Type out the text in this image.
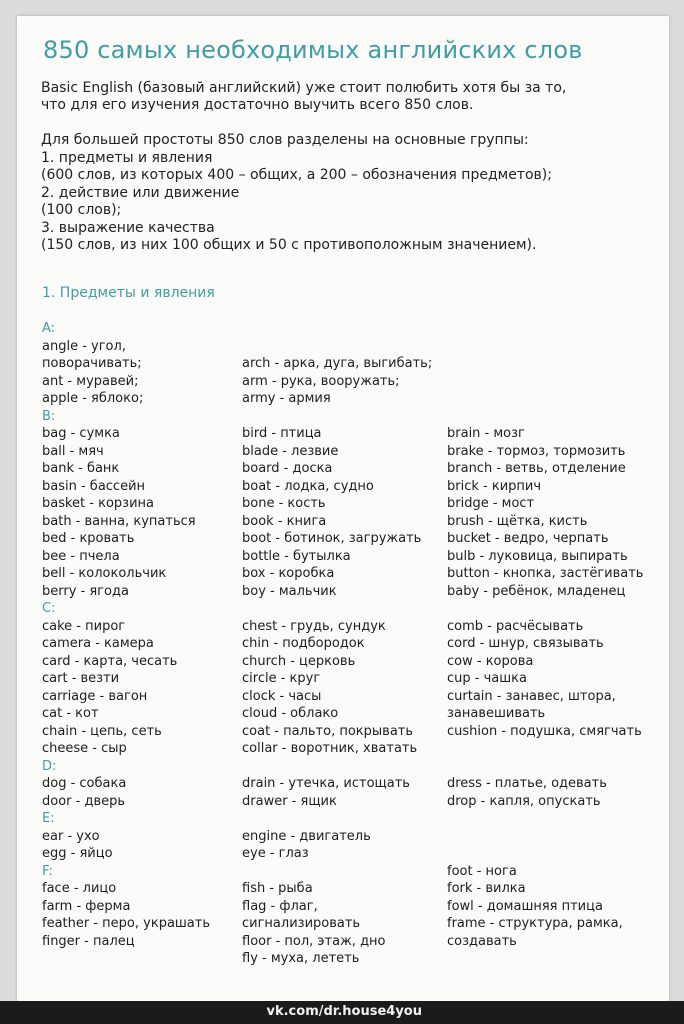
850 самых необходимых английских слов

Basic English (базовый английский) уже стоит полюбить хотя бы за то,

что для его изучения достаточно выучить всего 850 слов.

Для большей простоты 850 слов разделены на основные группы:

1. предметы и явления

(600 слов, из которых 400 – общих, а 200 – обозначения предметов);

2. действие или движение

(100 слов);

3. выражение качества

(150 слов, из них 100 общих и 50 с противоположным значением).

1. Предметы и явления
A:
angle - угол,
поворачивать;
ant - муравей;
apple - яблоко;
B:
bag - сумка
ball - мяч
bank - банк
basin - бассейн
basket - корзина
bath - ванна, купаться
bed - кровать
bee - пчела
bell - колокольчик
berry - ягода
C:
cake - пирог
camera - камера
card - карта, чесать
cart - везти
carriage - вагон
cat - кот
chain - цепь, сеть
cheese - сыр
D:
dog - собака
door - дверь
E:
ear - ухо
egg - яйцо
F:
face - лицо
farm - ферма
feather - перо, украшать
finger - палец
arch - арка, дуга, выгибать;
arm - рука, вооружать;
army - армия
bird - птица
blade - лезвие
board - доска
boat - лодка, судно
bone - кость
book - книга
boot - ботинок, загружать
bottle - бутылка
box - коробка
boy - мальчик
chest - грудь, сундук
chin - подбородок
church - церковь
circle - круг
clock - часы
cloud - облако
coat - пальто, покрывать
collar - воротник, хватать
drain - утечка, истощать
drawer - ящик
engine - двигатель
eye - глаз
fish - рыба
flag - флаг,
сигнализировать
floor - пол, этаж, дно
fly - муха, лететь
brain - мозг
brake - тормоз, тормозить
branch - ветвь, отделение
brick - кирпич
bridge - мост
brush - щётка, кисть
bucket - ведро, черпать
bulb - луковица, выпирать
button - кнопка, застёгивать
baby - ребёнок, младенец
comb - расчёсывать
cord - шнур, связывать
cow - корова
cup - чашка
curtain - занавес, штора,
занавешивать
cushion - подушка, смягчать
dress - платье, одевать
drop - капля, опускать
foot - нога
fork - вилка
fowl - домашняя птица
frame - структура, рамка,
создавать
vk.com/dr.house4you
